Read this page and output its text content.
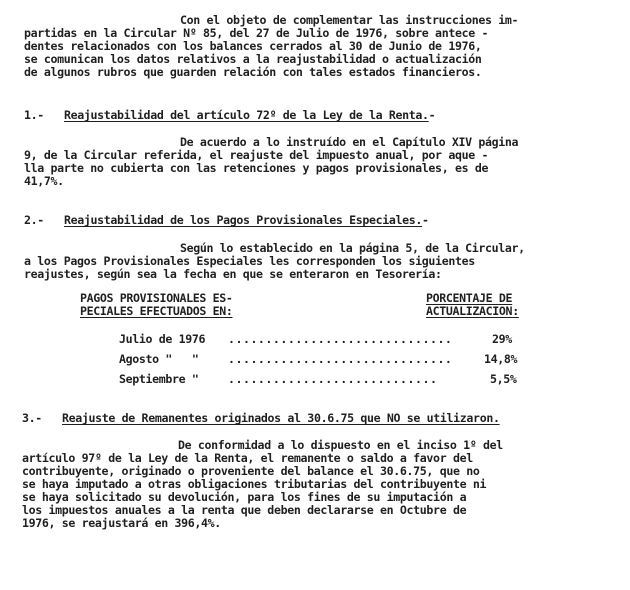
Con el objeto de complementar las instrucciones im-
partidas en la Circular Nº 85, del 27 de Julio de 1976, sobre antece -
dentes relacionados con los balances cerrados al 30 de Junio de 1976,
se comunican los datos relativos a la reajustabilidad o actualización
de algunos rubros que guarden relación con tales estados financieros.
1.- Reajustabilidad del artículo 72º de la Ley de la Renta.-
De acuerdo a lo instruído en el Capítulo XIV página
9, de la Circular referida, el reajuste del impuesto anual, por aque -
lla parte no cubierta con las retenciones y pagos provisionales, es de
41,7%.
2.- Reajustabilidad de los Pagos Provisionales Especiales.-
Según lo establecido en la página 5, de la Circular,
a los Pagos Provisionales Especiales les corresponden los siguientes
reajustes, según sea la fecha en que se enteraron en Tesorería:
PAGOS PROVISIONALES ES-
PECIALES EFECTUADOS EN:
PORCENTAJE DE
ACTUALIZACION:
Julio de 1976 ..............................	29%
Agosto "   "	..............................	14,8%
Septiembre "	............................	5,5%
3.- Reajuste de Remanentes originados al 30.6.75 que NO se utilizaron.
De conformidad a lo dispuesto en el inciso 1º del
artículo 97º de la Ley de la Renta, el remanente o saldo a favor del
contribuyente, originado o proveniente del balance el 30.6.75, que no
se haya imputado a otras obligaciones tributarias del contribuyente ni
se haya solicitado su devolución, para los fines de su imputación a
los impuestos anuales a la renta que deben declararse en Octubre de
1976, se reajustará en 396,4%.
